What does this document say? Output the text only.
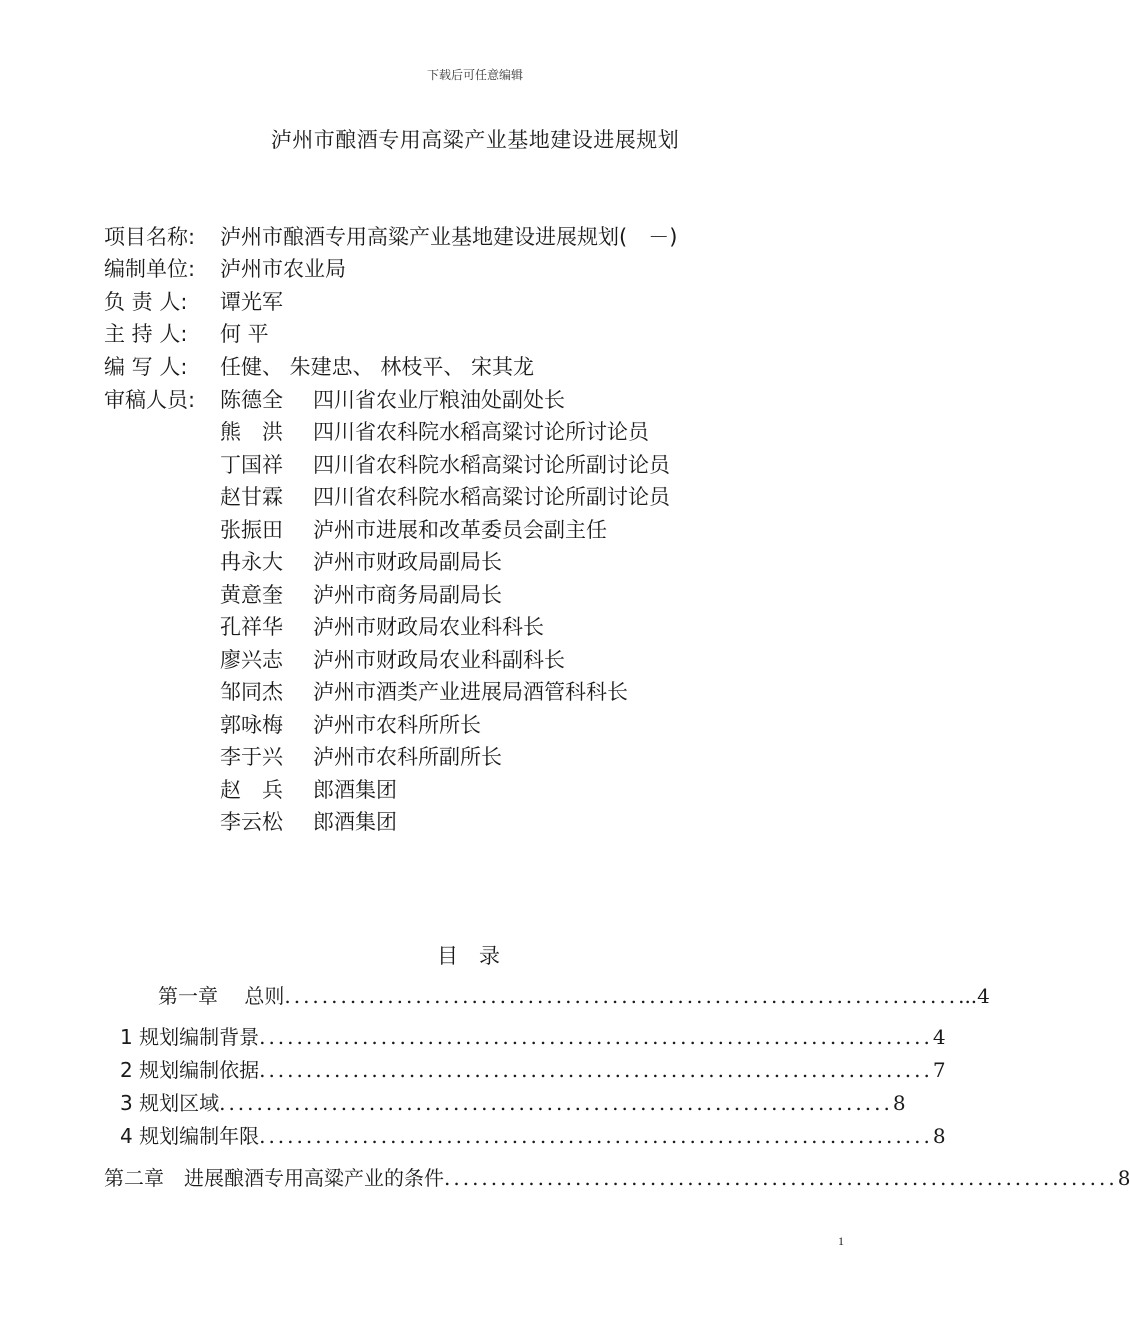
下载后可任意编辑
泸州市酿酒专用高粱产业基地建设进展规划
项目名称:	泸州市酿酒专用高粱产业基地建设进展规划(　－)
编制单位:	泸州市农业局
负 责 人:	谭光军
主 持 人:	何 平
编 写 人:	任健、 朱建忠、 林枝平、 宋其龙
审稿人员:	陈德全	四川省农业厅粮油处副处长
熊　洪	四川省农科院水稻高粱讨论所讨论员
丁国祥	四川省农科院水稻高粱讨论所副讨论员
赵甘霖	四川省农科院水稻高粱讨论所副讨论员
张振田	泸州市进展和改革委员会副主任
冉永大	泸州市财政局副局长
黄意奎	泸州市商务局副局长
孔祥华	泸州市财政局农业科科长
廖兴志	泸州市财政局农业科副科长
邹同杰	泸州市酒类产业进展局酒管科科长
郭咏梅	泸州市农科所所长
李于兴	泸州市农科所副所长
赵　兵	郎酒集团
李云松	郎酒集团
目 录
第一章　 总则 ........................................................................ ...4
1 规划编制背景 ........................................................................ 4
2 规划编制依据 ........................................................................ 7
3 规划区域 ........................................................................ 8
4 规划编制年限 ........................................................................ 8
第二章　进展酿酒专用高粱产业的条件 ........................................................................ 8
1
